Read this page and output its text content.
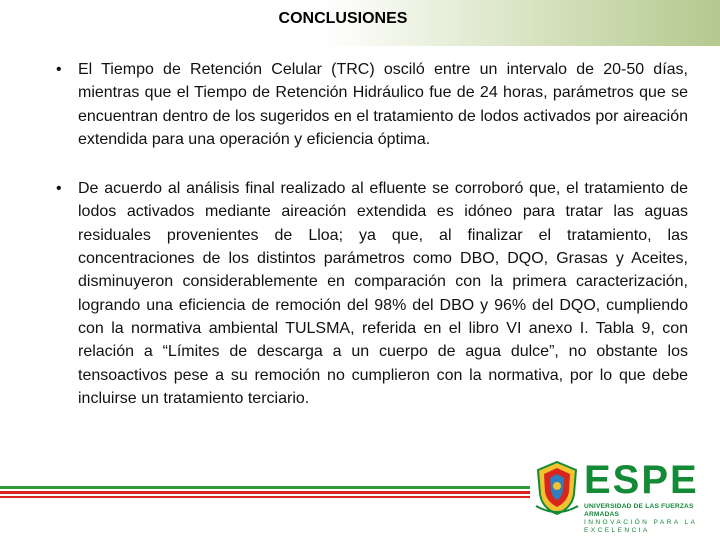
CONCLUSIONES
• El Tiempo de Retención Celular (TRC) osciló entre un intervalo de 20-50 días, mientras que el Tiempo de Retención Hidráulico fue de 24 horas, parámetros que se encuentran dentro de los sugeridos en el tratamiento de lodos activados por aireación extendida para una operación y eficiencia óptima.
• De acuerdo al análisis final realizado al efluente se corroboró que, el tratamiento de lodos activados mediante aireación extendida es idóneo para tratar las aguas residuales provenientes de Lloa; ya que, al finalizar el tratamiento, las concentraciones de los distintos parámetros como DBO, DQO, Grasas y Aceites, disminuyeron considerablemente en comparación con la primera caracterización, logrando una eficiencia de remoción del 98% del DBO y 96% del DQO, cumpliendo con la normativa ambiental TULSMA, referida en el libro VI anexo I. Tabla 9, con relación a “Límites de descarga a un cuerpo de agua dulce”, no obstante los tensoactivos pese a su remoción no cumplieron con la normativa, por lo que debe incluirse un tratamiento terciario.
ESPE
UNIVERSIDAD DE LAS FUERZAS ARMADAS
INNOVACIÓN PARA LA EXCELENCIA
